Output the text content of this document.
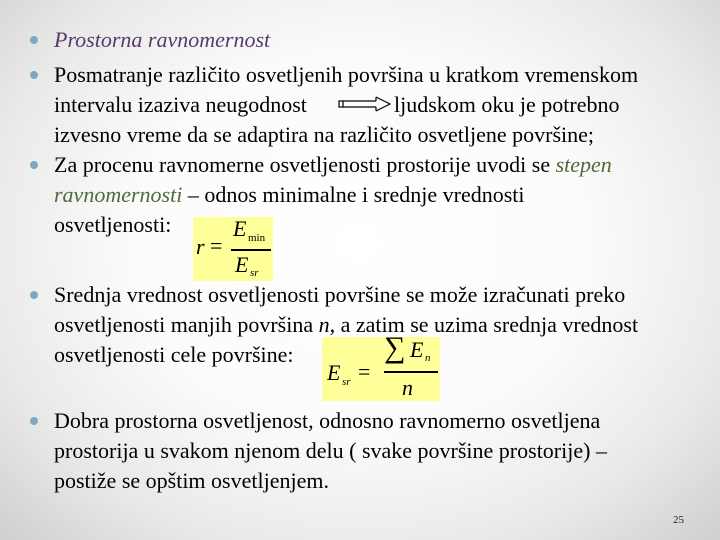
Prostorna ravnomernost
Posmatranje različito osvetljenih površina u kratkom vremenskom
intervalu izaziva neugodnost	ljudskom oku je potrebno
izvesno vreme da se adaptira na različito osvetljene površine;
Za procenu ravnomerne osvetljenosti prostorije uvodi se stepen
ravnomernosti – odnos minimalne i srednje vrednosti
osvetljenosti:
r =
E min
E sr
Srednja vrednost osvetljenosti površine se može izračunati preko
osvetljenosti manjih površina n, a zatim se uzima srednja vrednost
osvetljenosti cele površine:
E sr =
∑ E n
n
Dobra prostorna osvetljenost, odnosno ravnomerno osvetljena
prostorija u svakom njenom delu ( svake površine prostorije) –
postiže se opštim osvetljenjem.
25
